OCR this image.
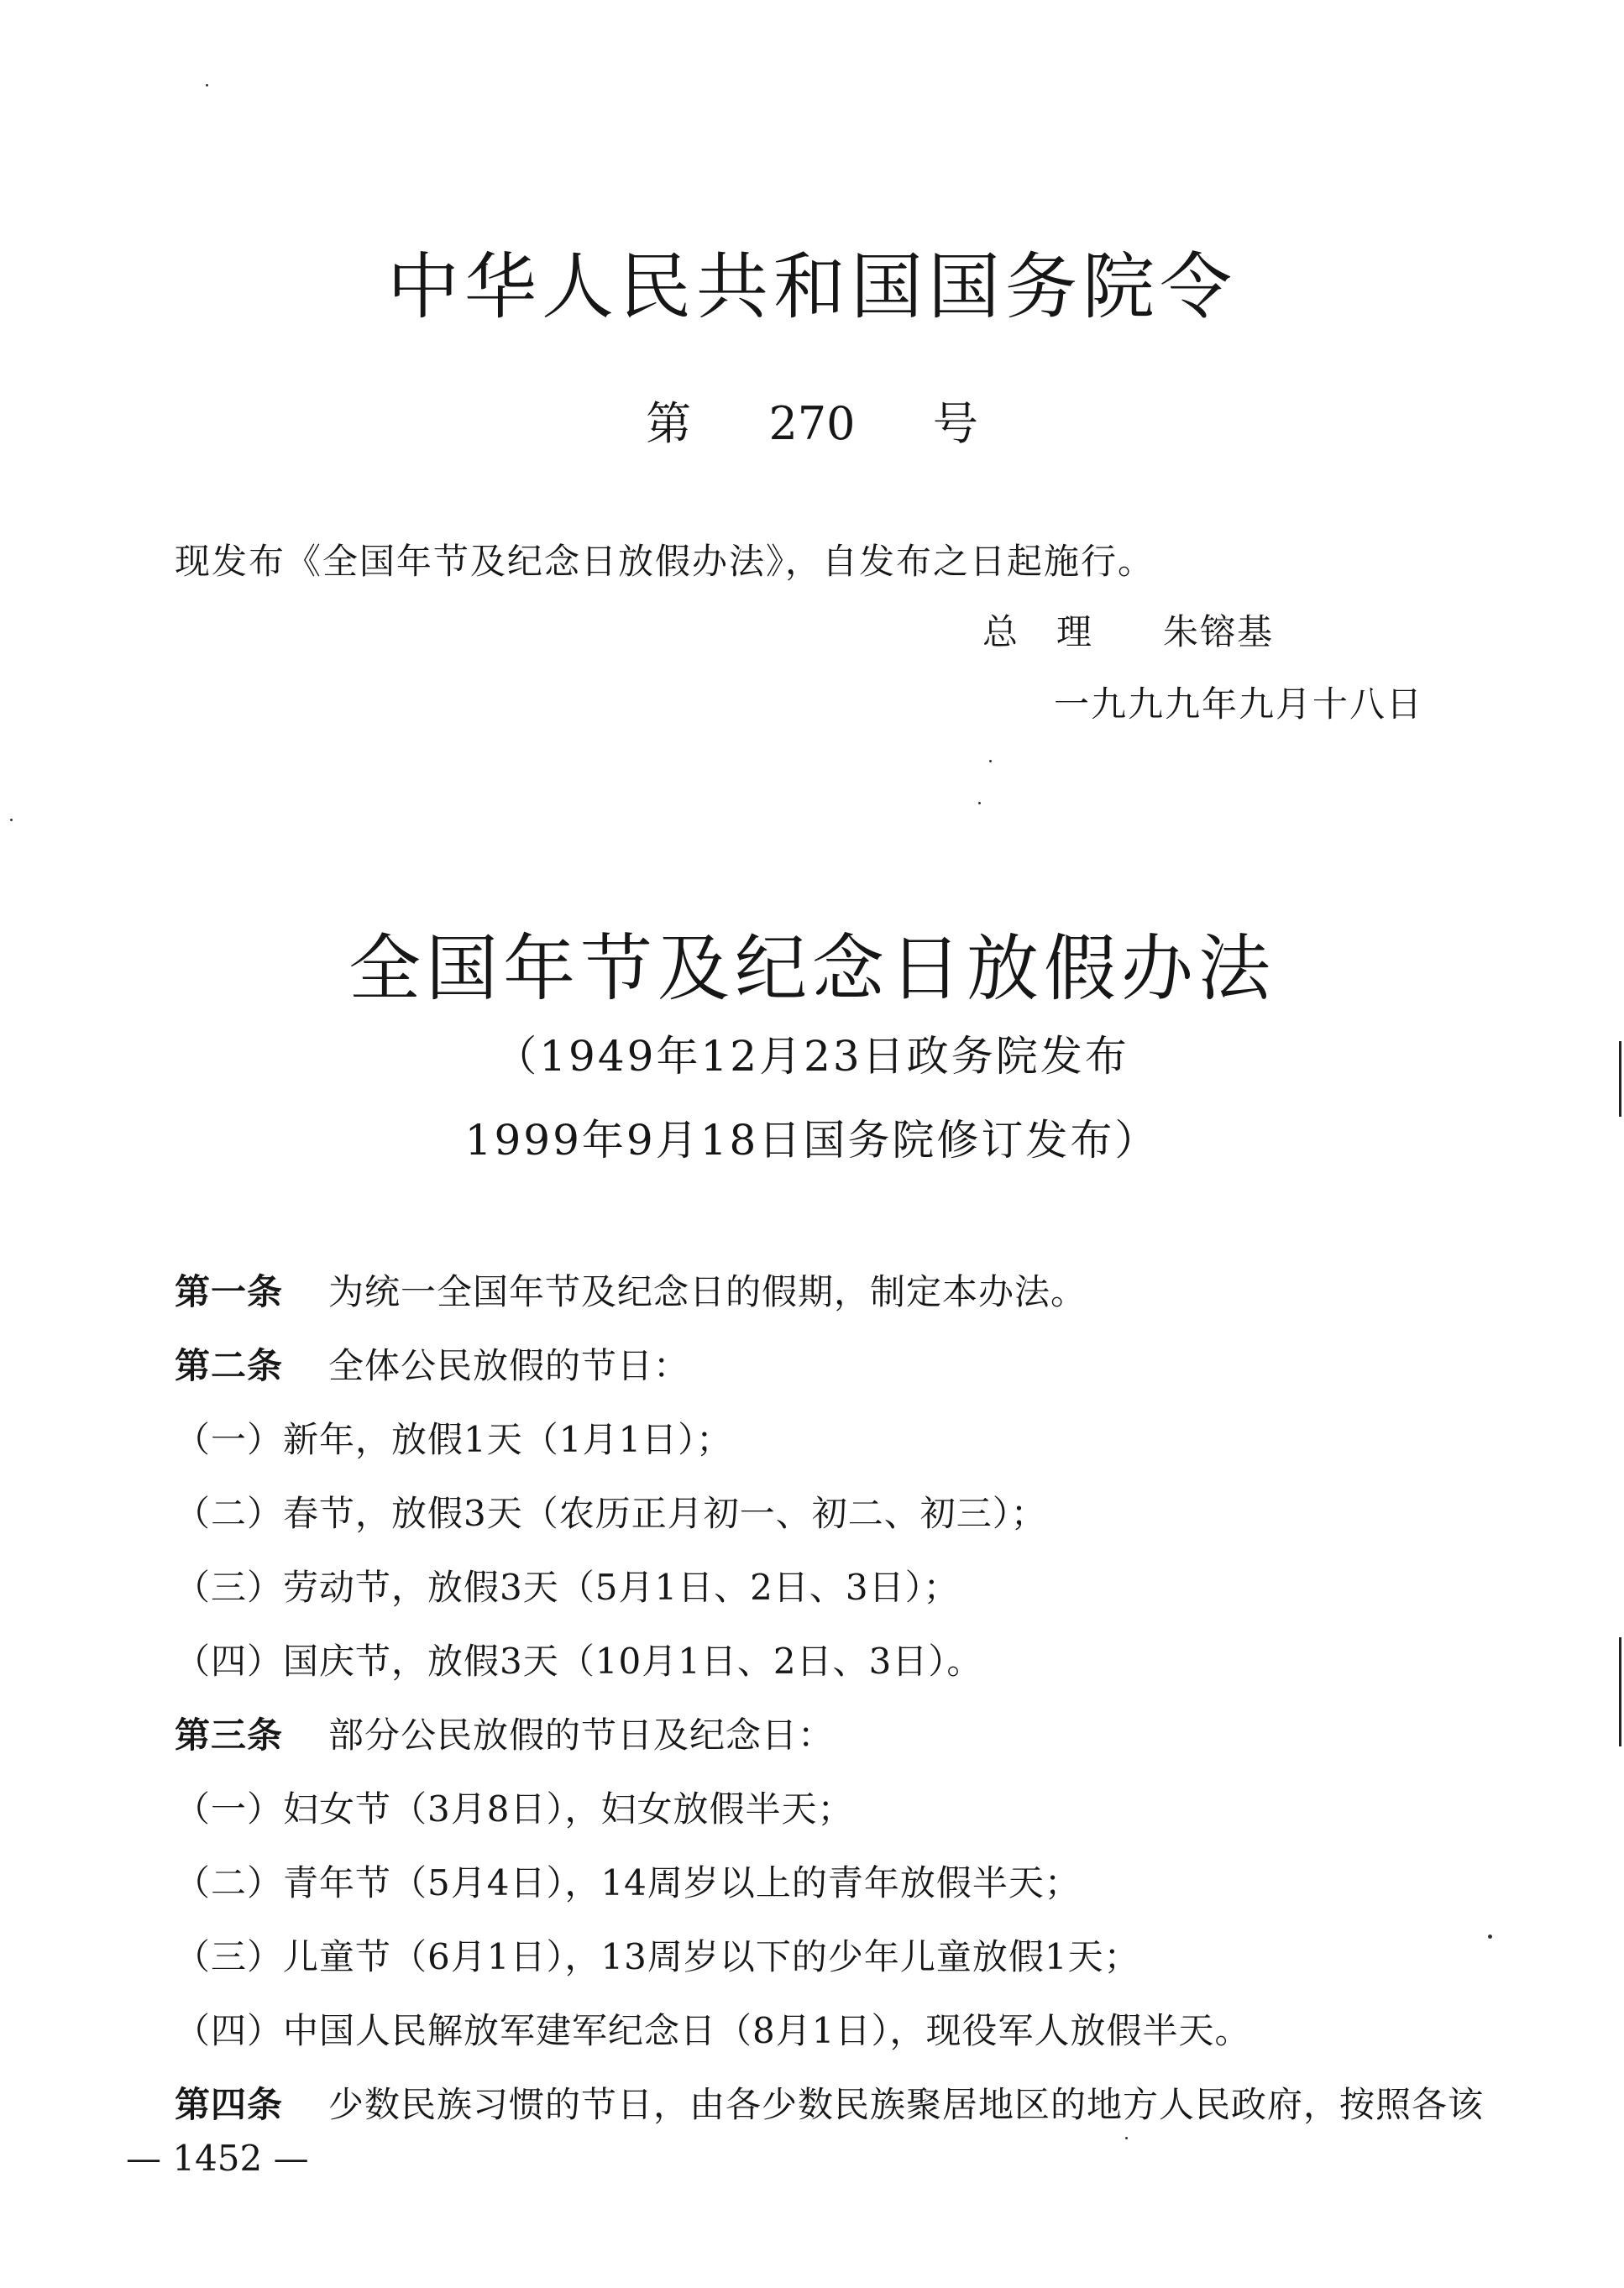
中华人民共和国国务院令
第 270 号
现发布《全国年节及纪念日放假办法》，自发布之日起施行。
总　理 朱镕基
一九九九年九月十八日
全国年节及纪念日放假办法
（1949年12月23日政务院发布
1999年9月18日国务院修订发布）
第一条 为统一全国年节及纪念日的假期，制定本办法。
第二条 全体公民放假的节日：
（一）新年，放假1天（1月1日）；
（二）春节，放假3天（农历正月初一、初二、初三）；
（三）劳动节，放假3天（5月1日、2日、3日）；
（四）国庆节，放假3天（10月1日、2日、3日）。
第三条 部分公民放假的节日及纪念日：
（一）妇女节（3月8日），妇女放假半天；
（二）青年节（5月4日），14周岁以上的青年放假半天；
（三）儿童节（6月1日），13周岁以下的少年儿童放假1天；
（四）中国人民解放军建军纪念日（8月1日），现役军人放假半天。
第四条 少数民族习惯的节日，由各少数民族聚居地区的地方人民政府，按照各该
— 1452 —
